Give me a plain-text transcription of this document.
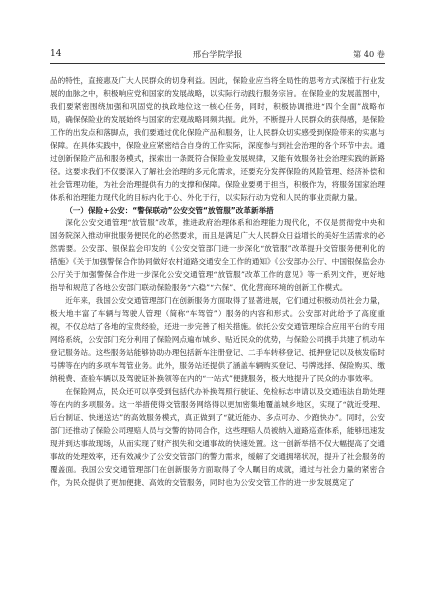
14	邢台学院学报	第 40 卷

品的特性，直接惠及广大人民群众的切身利益。因此，保险业应当将全局性的思考方式深植于行业发展的血脉之中，积极响应党和国家的发展战略，以实际行动践行服务宗旨。在保险业的发展蓝图中，我们要紧密围绕加强和巩固党的执政地位这一核心任务，同时，积极协调推进“四个全面”战略布局，确保保险业的发展始终与国家的宏观战略同频共振。此外，不断提升人民群众的获得感，是保险工作的出发点和落脚点，我们要通过优化保险产品和服务，让人民群众切实感受到保险带来的实惠与保障。在具体实践中，保险业应紧密结合自身的工作实际，深度参与到社会治理的各个环节中去。通过创新保险产品和服务模式，探索出一条既符合保险业发展规律，又能有效服务社会治理实践的新路径。这要求我们不仅要深入了解社会治理的多元化需求，还要充分发挥保险的风险管理、经济补偿和社会管理功能，为社会治理提供有力的支撑和保障。保险业要勇于担当，积极作为，将服务国家治理体系和治理能力现代化的目标内化于心、外化于行，以实际行动为党和人民的事业贡献力量。

（一）保险+公安：“警保联动”公安交管“放管服”改革新举措

深化公安交通管理“放管服”改革，推进政府治理体系和治理能力现代化，不仅是贯彻党中央和国务院深入推动审批服务便民化的必然要求，而且是满足广大人民群众日益增长的美好生活需求的必然需要。公安部、银保监会印发的《公安交管部门进一步深化“放管服”改革提升交管服务便利化的措施》《关于加强警保合作协同做好农村道路交通安全工作的通知》《公安部办公厅、中国银保监会办公厅关于加强警保合作进一步深化公安交通管理“放管服”改革工作的意见》等一系列文件，更好地指导和规范了各地公安部门联动保险服务“六稳”“六保”、优化营商环境的创新工作模式。

近年来，我国公安交通管理部门在创新服务方面取得了显著进展，它们通过积极动员社会力量，极大地丰富了车辆与驾驶人管理（简称“车驾管”）服务的内容和形式。公安部对此给予了高度重视，不仅总结了各地的宝贵经验，还进一步完善了相关措施。依托公安交通管理综合应用平台的专用网络系统，公安部门充分利用了保险网点遍布城乡、贴近民众的优势，与保险公司携手共建了机动车登记服务站。这些服务站能够协助办理包括新车注册登记、二手车转移登记、抵押登记以及核发临时号牌等在内的多项车驾管业务。此外，服务站还提供了涵盖车辆购买登记、号牌选择、保险购买、缴纳税费、查验车辆以及驾驶证补换领等在内的“一站式”便捷服务，极大地提升了民众的办事效率。

在保险网点，民众还可以享受到包括代办补换驾照行驶证、免检标志申请以及交通违法自助处理等在内的多项服务。这一举措使得交管服务网络得以更加密集地覆盖城乡地区，实现了“就近受理、后台制证、快递送达”的高效服务模式，真正做到了“就近能办、多点可办、少跑快办”。同时，公安部门还推动了保险公司理赔人员与交警的协同合作，这些理赔人员被纳入道路巡查体系，能够迅速发现并到达事故现场，从而实现了财产损失和交通事故的快速处置。这一创新举措不仅大幅提高了交通事故的处理效率，还有效减少了公安交管部门的警力需求，缓解了交通拥堵状况，提升了社会服务的覆盖面。我国公安交通管理部门在创新服务方面取得了令人瞩目的成就，通过与社会力量的紧密合作，为民众提供了更加便捷、高效的交管服务，同时也为公安交管工作的进一步发展奠定了
